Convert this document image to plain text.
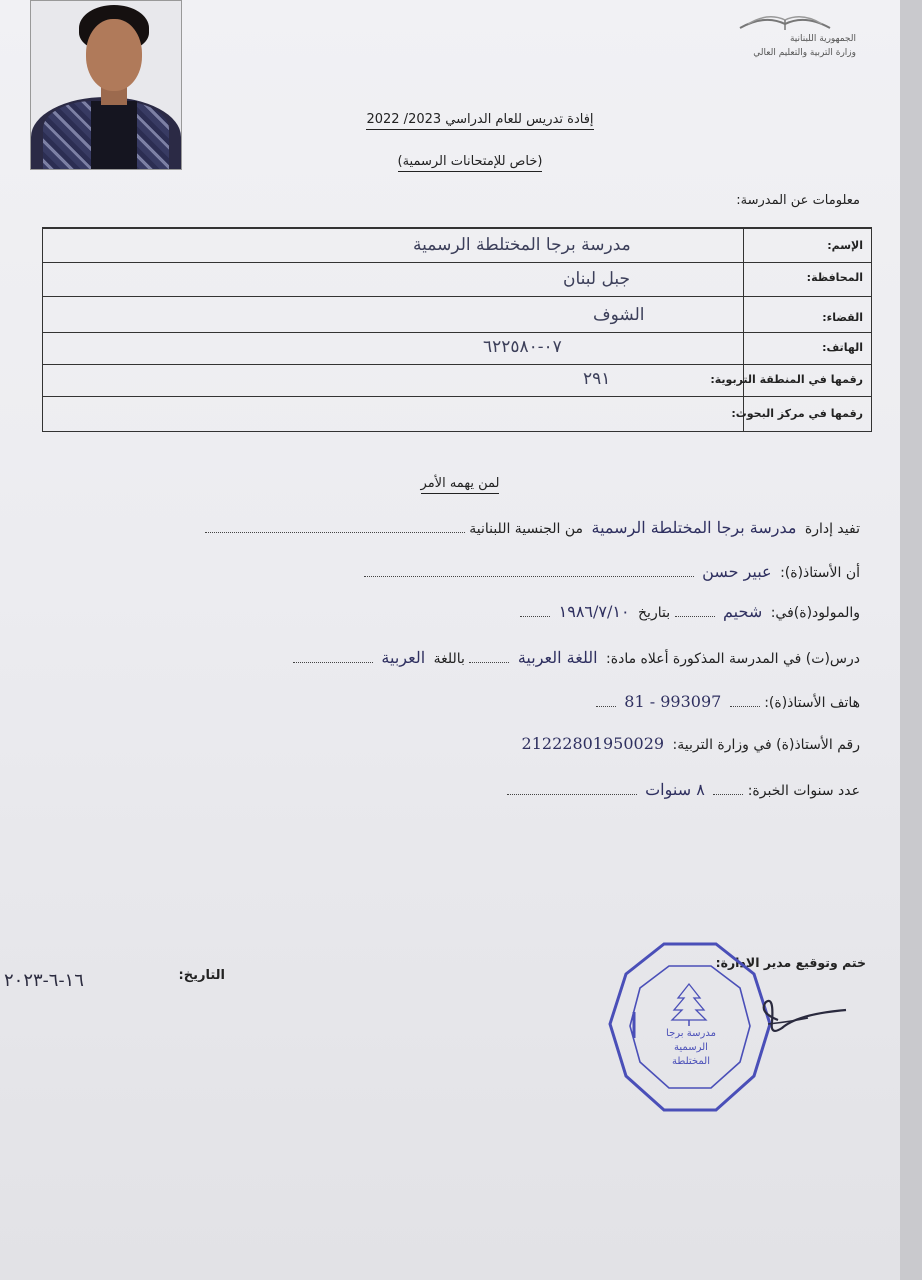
الجمهورية اللبنانية
وزارة التربية والتعليم العالي
إفادة تدريس للعام الدراسي 2023/ 2022
(خاص للإمتحانات الرسمية)
معلومات عن المدرسة:
الإسم:
مدرسة برجا المختلطة الرسمية
المحافظة:
جبل لبنان
القضاء:
الشوف
الهاتف:
٠٧-٦٢٢٥٨٠
رقمها في المنطقة التربوية:
٢٩١
رقمها في مركز البحوث:
لمن يهمه الأمر
تفيد إدارة مدرسة برجا المختلطة الرسمية من الجنسية اللبنانية
أن الأستاذ(ة): عبير حسن
والمولود(ة)في: شحيم  بتاريخ ١٩٨٦/٧/١٠
درس(ت) في المدرسة المذكورة أعلاه مادة: اللغة العربية  باللغة العربية
هاتف الأستاذ(ة):  81 - 993097
رقم الأستاذ(ة) في وزارة التربية: 21222801950029
عدد سنوات الخبرة:  ٨ سنوات
التاريخ:
١٦-٦-٢٠٢٣
ختم وتوقيع مدير الادارة:
مدرسة برجا
الرسمية
المختلطة
